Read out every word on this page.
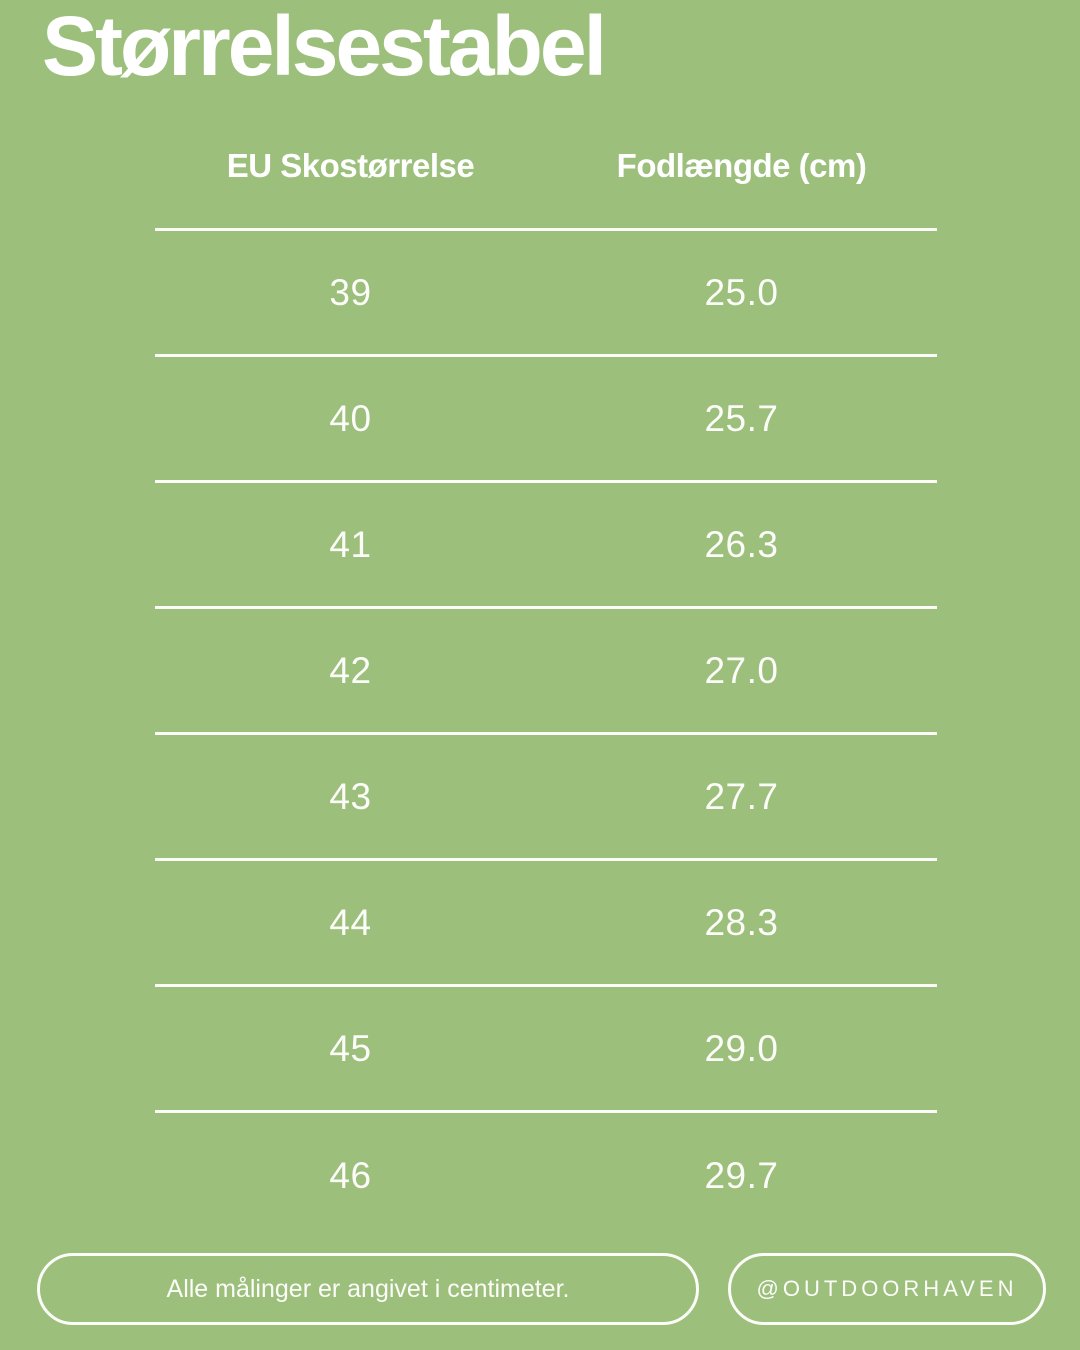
Størrelsestabel
EU Skostørrelse	Fodlængde (cm)
39	25.0
40	25.7
41	26.3
42	27.0
43	27.7
44	28.3
45	29.0
46	29.7
Alle målinger er angivet i centimeter.	@OUTDOORHAVEN
